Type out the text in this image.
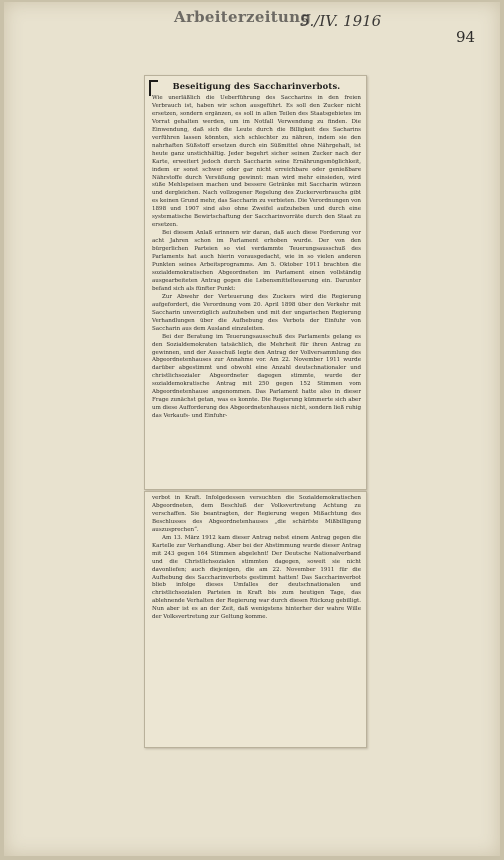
Arbeiterzeitung
5./IV. 1916
94
Beseitigung des Saccharinverbots.

Wie unerläßlich die Ueberführung des Saccharins in den freien Verbrauch ist, haben wir schon ausgeführt. Es soll den Zucker nicht ersetzen, sondern ergänzen, es soll in allen Teilen des Staatsgebietes im Vorrat gehalten werden, um im Notfall Verwendung zu finden. Die Einwendung, daß sich die Leute durch die Billigkeit des Sacharins verführen lassen könnten, sich schlechter zu nähren, indem sie den nahrhaften Süßstoff ersetzen durch ein Süßmittel ohne Nährgehalt, ist heute ganz unstichhältig. Jeder begehrt sicher seinen Zucker nach der Karte, erweitert jedoch durch Saccharin seine Ernährungsmöglichkeit, indem er sonst schwer oder gar nicht erreichbare oder genießbare Nährstoffe durch Versüßung gewinnt: man wird mehr einsieden, wird süße Mehlspeisen machen und bessere Getränke mit Saccharin würzen und dergleichen. Nach vollzogener Regelung des Zuckerverbrauchs gibt es keinen Grund mehr, das Saccharin zu verbieten. Die Verordnungen von 1898 und 1907 sind also ohne Zweifel aufzuheben und durch eine systematische Bewirtschaftung der Saccharinvorräte durch den Staat zu ersetzen.

Bei diesem Anlaß erinnern wir daran, daß auch diese Forderung vor acht Jahren schon im Parlament erhoben wurde. Der von den bürgerlichen Parteien so viel verdammte Teuerungsausschuß des Parlaments hat auch hierin vorausgedacht, wie in so vielen anderen Punkten seines Arbeitsprogramms. Am 5. Oktober 1911 brachten die sozialdemokratischen Abgeordneten im Parlament einen vollständig ausgearbeiteten Antrag gegen die Lebensmittelteuerung ein. Darunter befand sich als fünfter Punkt:

Zur Abwehr der Verteuerung des Zuckers wird die Regierung aufgefordert, die Verordnung vom 20. April 1898 über den Verkehr mit Saccharin unverzüglich aufzuheben und mit der ungarischen Regierung Verhandlungen über die Aufhebung des Verbots der Einfuhr von Saccharin aus dem Ausland einzuleiten.

Bei der Beratung im Teuerungsausschuß des Parlaments gelang es den Sozialdemokraten tatsächlich, die Mehrheit für ihren Antrag zu gewinnen, und der Ausschuß legte den Antrag der Vollversammlung des Abgeordnetenhauses zur Annahme vor. Am 22. November 1911 wurde darüber abgestimmt und obwohl eine Anzahl deutschnationaler und christlichsozialer Abgeordneter dagegen stimmte, wurde der sozialdemokratische Antrag mit 250 gegen 152 Stimmen vom Abgeordnetenhause angenommen. Das Parlament hatte also in dieser Frage zunächst getan, was es konnte. Die Regierung kümmerte sich aber um diese Aufforderung des Abgeordnetenhauses nicht, sondern ließ ruhig das Verkaufs- und Einfuhr-

verbot in Kraft. Infolgedessen versuchten die Sozialdemokratischen Abgeordneten, dem Beschluß der Volksvertretung Achtung zu verschaffen. Sie beantragten, der Regierung wegen Mißachtung des Beschlusses des Abgeordnetenhauses „die schärfste Mißbilligung auszusprechen“.

Am 13. März 1912 kam dieser Antrag nebst einem Antrag gegen die Kartelle zur Verhandlung. Aber bei der Abstimmung wurde dieser Antrag mit 243 gegen 164 Stimmen abgelehnt! Der Deutsche Nationalverband und die Christlichsozialen stimmten dagegen, soweit sie nicht davonliefen; auch diejenigen, die am 22. November 1911 für die Aufhebung des Saccharinverbots gestimmt hatten! Das Saccharinverbot blieb infolge dieses Umfalles der deutschnationalen und christlichsozialen Parteien in Kraft bis zum heutigen Tage, das ablehnende Verhalten der Regierung war durch diesen Rückzug gebilligt. Nun aber ist es an der Zeit, daß wenigstens hinterher der wahre Wille der Volksvertretung zur Geltung komme.
